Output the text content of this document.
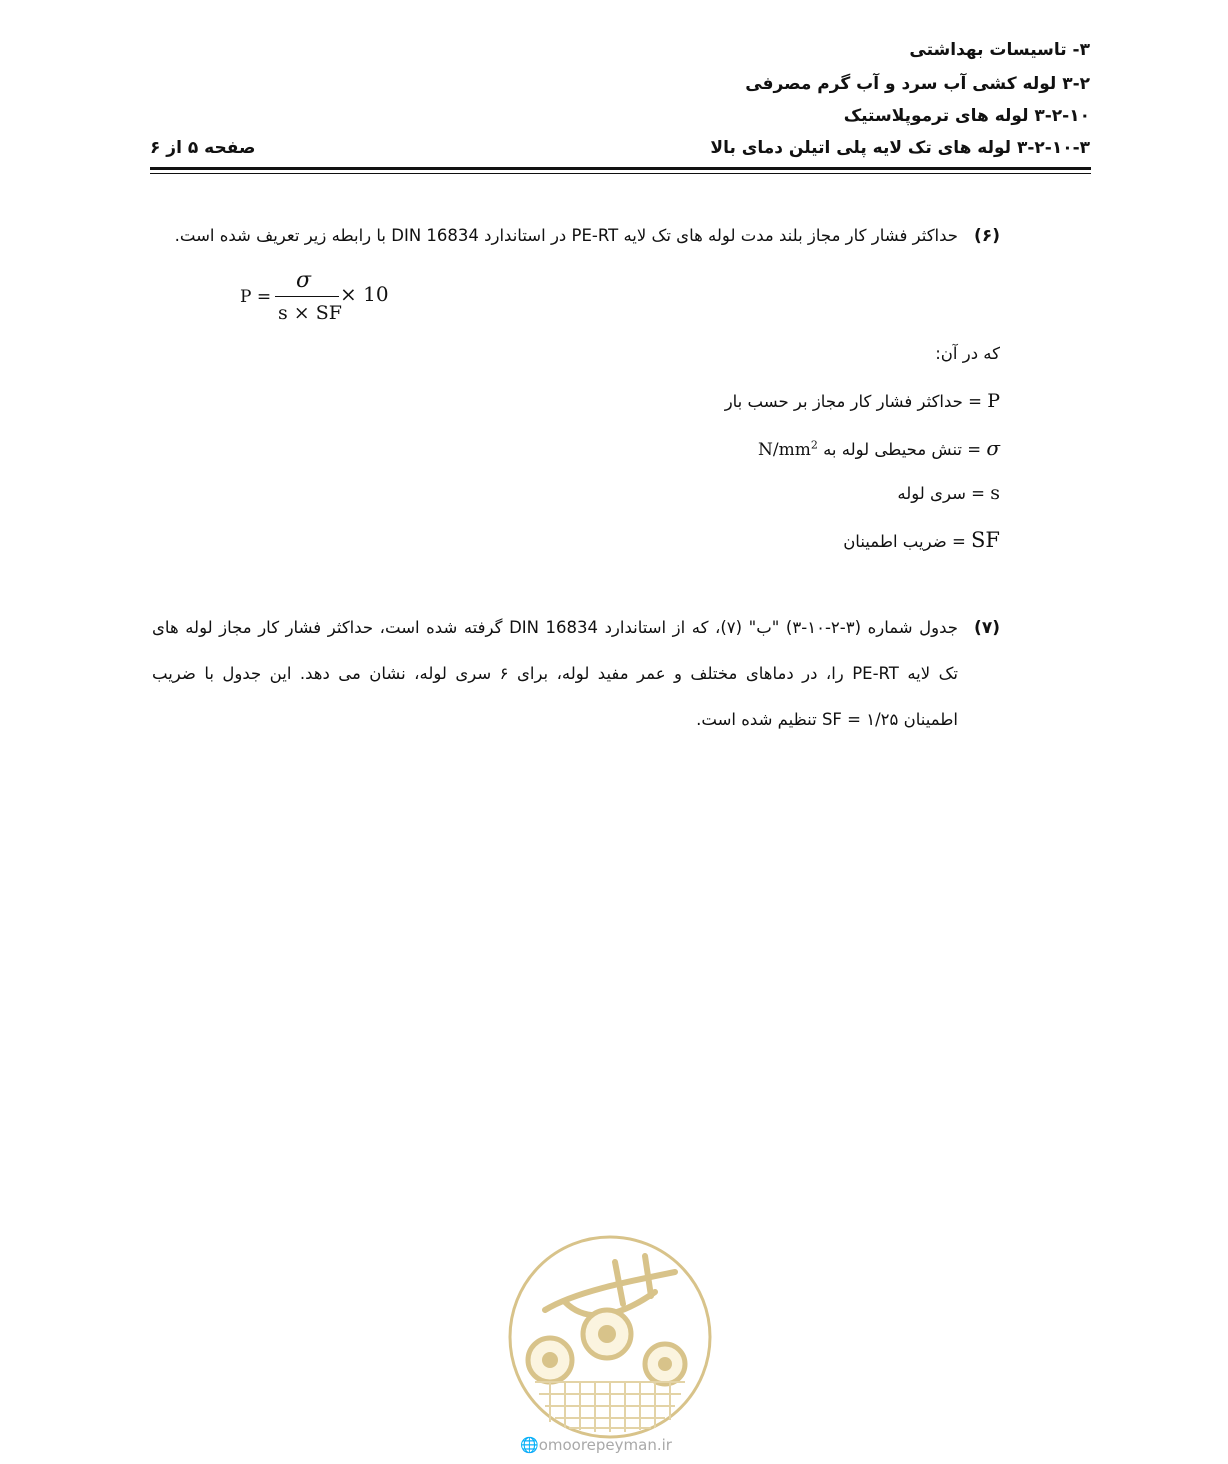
۳- تاسیسات بهداشتی
۳-۲ لوله کشی آب سرد و آب گرم مصرفی
۳-۲-۱۰ لوله های ترموپلاستیک
۳-۲-۱۰-۳ لوله های تک لایه پلی اتیلن دمای بالا
صفحه ۵ از ۶
(۶)
حداکثر فشار کار مجاز بلند مدت لوله های تک لایه PE-RT در استاندارد DIN 16834 با رابطه زیر تعریف شده است.
P =
σ
s × SF
× 10
که در آن:
P = حداکثر فشار کار مجاز بر حسب بار
σ = تنش محیطی لوله به $N/mm^2$
s = سری لوله
SF = ضریب اطمینان
(۷)
جدول شماره (۳-۲-۱۰-۳) "ب" (۷)، که از استاندارد DIN 16834 گرفته شده است، حداکثر فشار کار مجاز لوله های
تک لایه PE-RT را، در دماهای مختلف و عمر مفید لوله، برای ۶ سری لوله، نشان می دهد. این جدول با ضریب
اطمینان SF = ۱/۲۵ تنظیم شده است.
🌐omoorepeyman.ir
